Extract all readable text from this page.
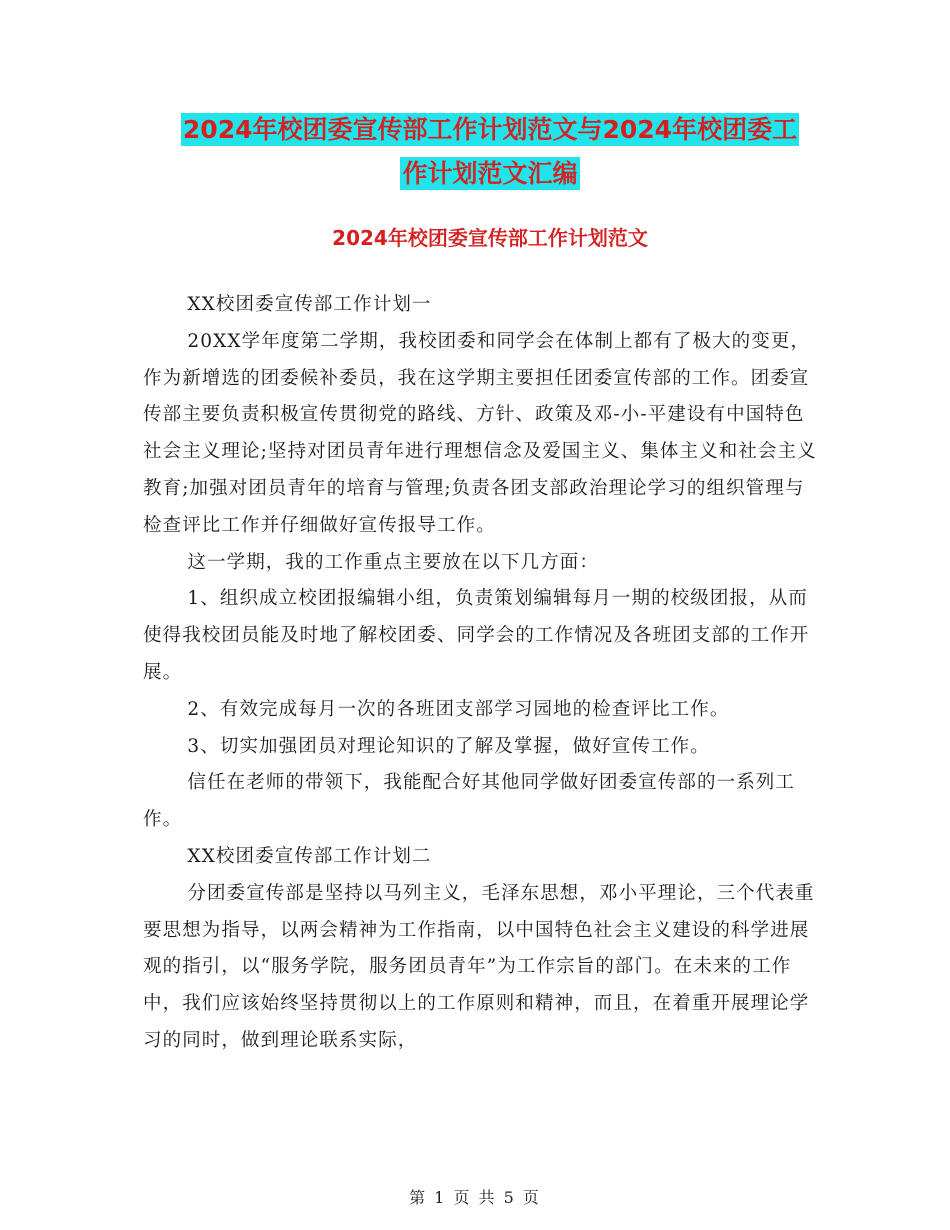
2024年校团委宣传部工作计划范文与2024年校团委工
作计划范文汇编
2024年校团委宣传部工作计划范文

XX校团委宣传部工作计划一

20XX学年度第二学期，我校团委和同学会在体制上都有了极大的变更，作为新增选的团委候补委员，我在这学期主要担任团委宣传部的工作。团委宣传部主要负责积极宣传贯彻党的路线、方针、政策及邓-小-平建设有中国特色社会主义理论;坚持对团员青年进行理想信念及爱国主义、集体主义和社会主义教育;加强对团员青年的培育与管理;负责各团支部政治理论学习的组织管理与检查评比工作并仔细做好宣传报导工作。

这一学期，我的工作重点主要放在以下几方面：

1、组织成立校团报编辑小组，负责策划编辑每月一期的校级团报，从而使得我校团员能及时地了解校团委、同学会的工作情况及各班团支部的工作开展。

2、有效完成每月一次的各班团支部学习园地的检查评比工作。

3、切实加强团员对理论知识的了解及掌握，做好宣传工作。

信任在老师的带领下，我能配合好其他同学做好团委宣传部的一系列工作。

XX校团委宣传部工作计划二

分团委宣传部是坚持以马列主义，毛泽东思想，邓小平理论，三个代表重要思想为指导，以两会精神为工作指南，以中国特色社会主义建设的科学进展观的指引，以“服务学院，服务团员青年”为工作宗旨的部门。在未来的工作中，我们应该始终坚持贯彻以上的工作原则和精神，而且，在着重开展理论学习的同时，做到理论联系实际，

第 1 页 共 5 页
